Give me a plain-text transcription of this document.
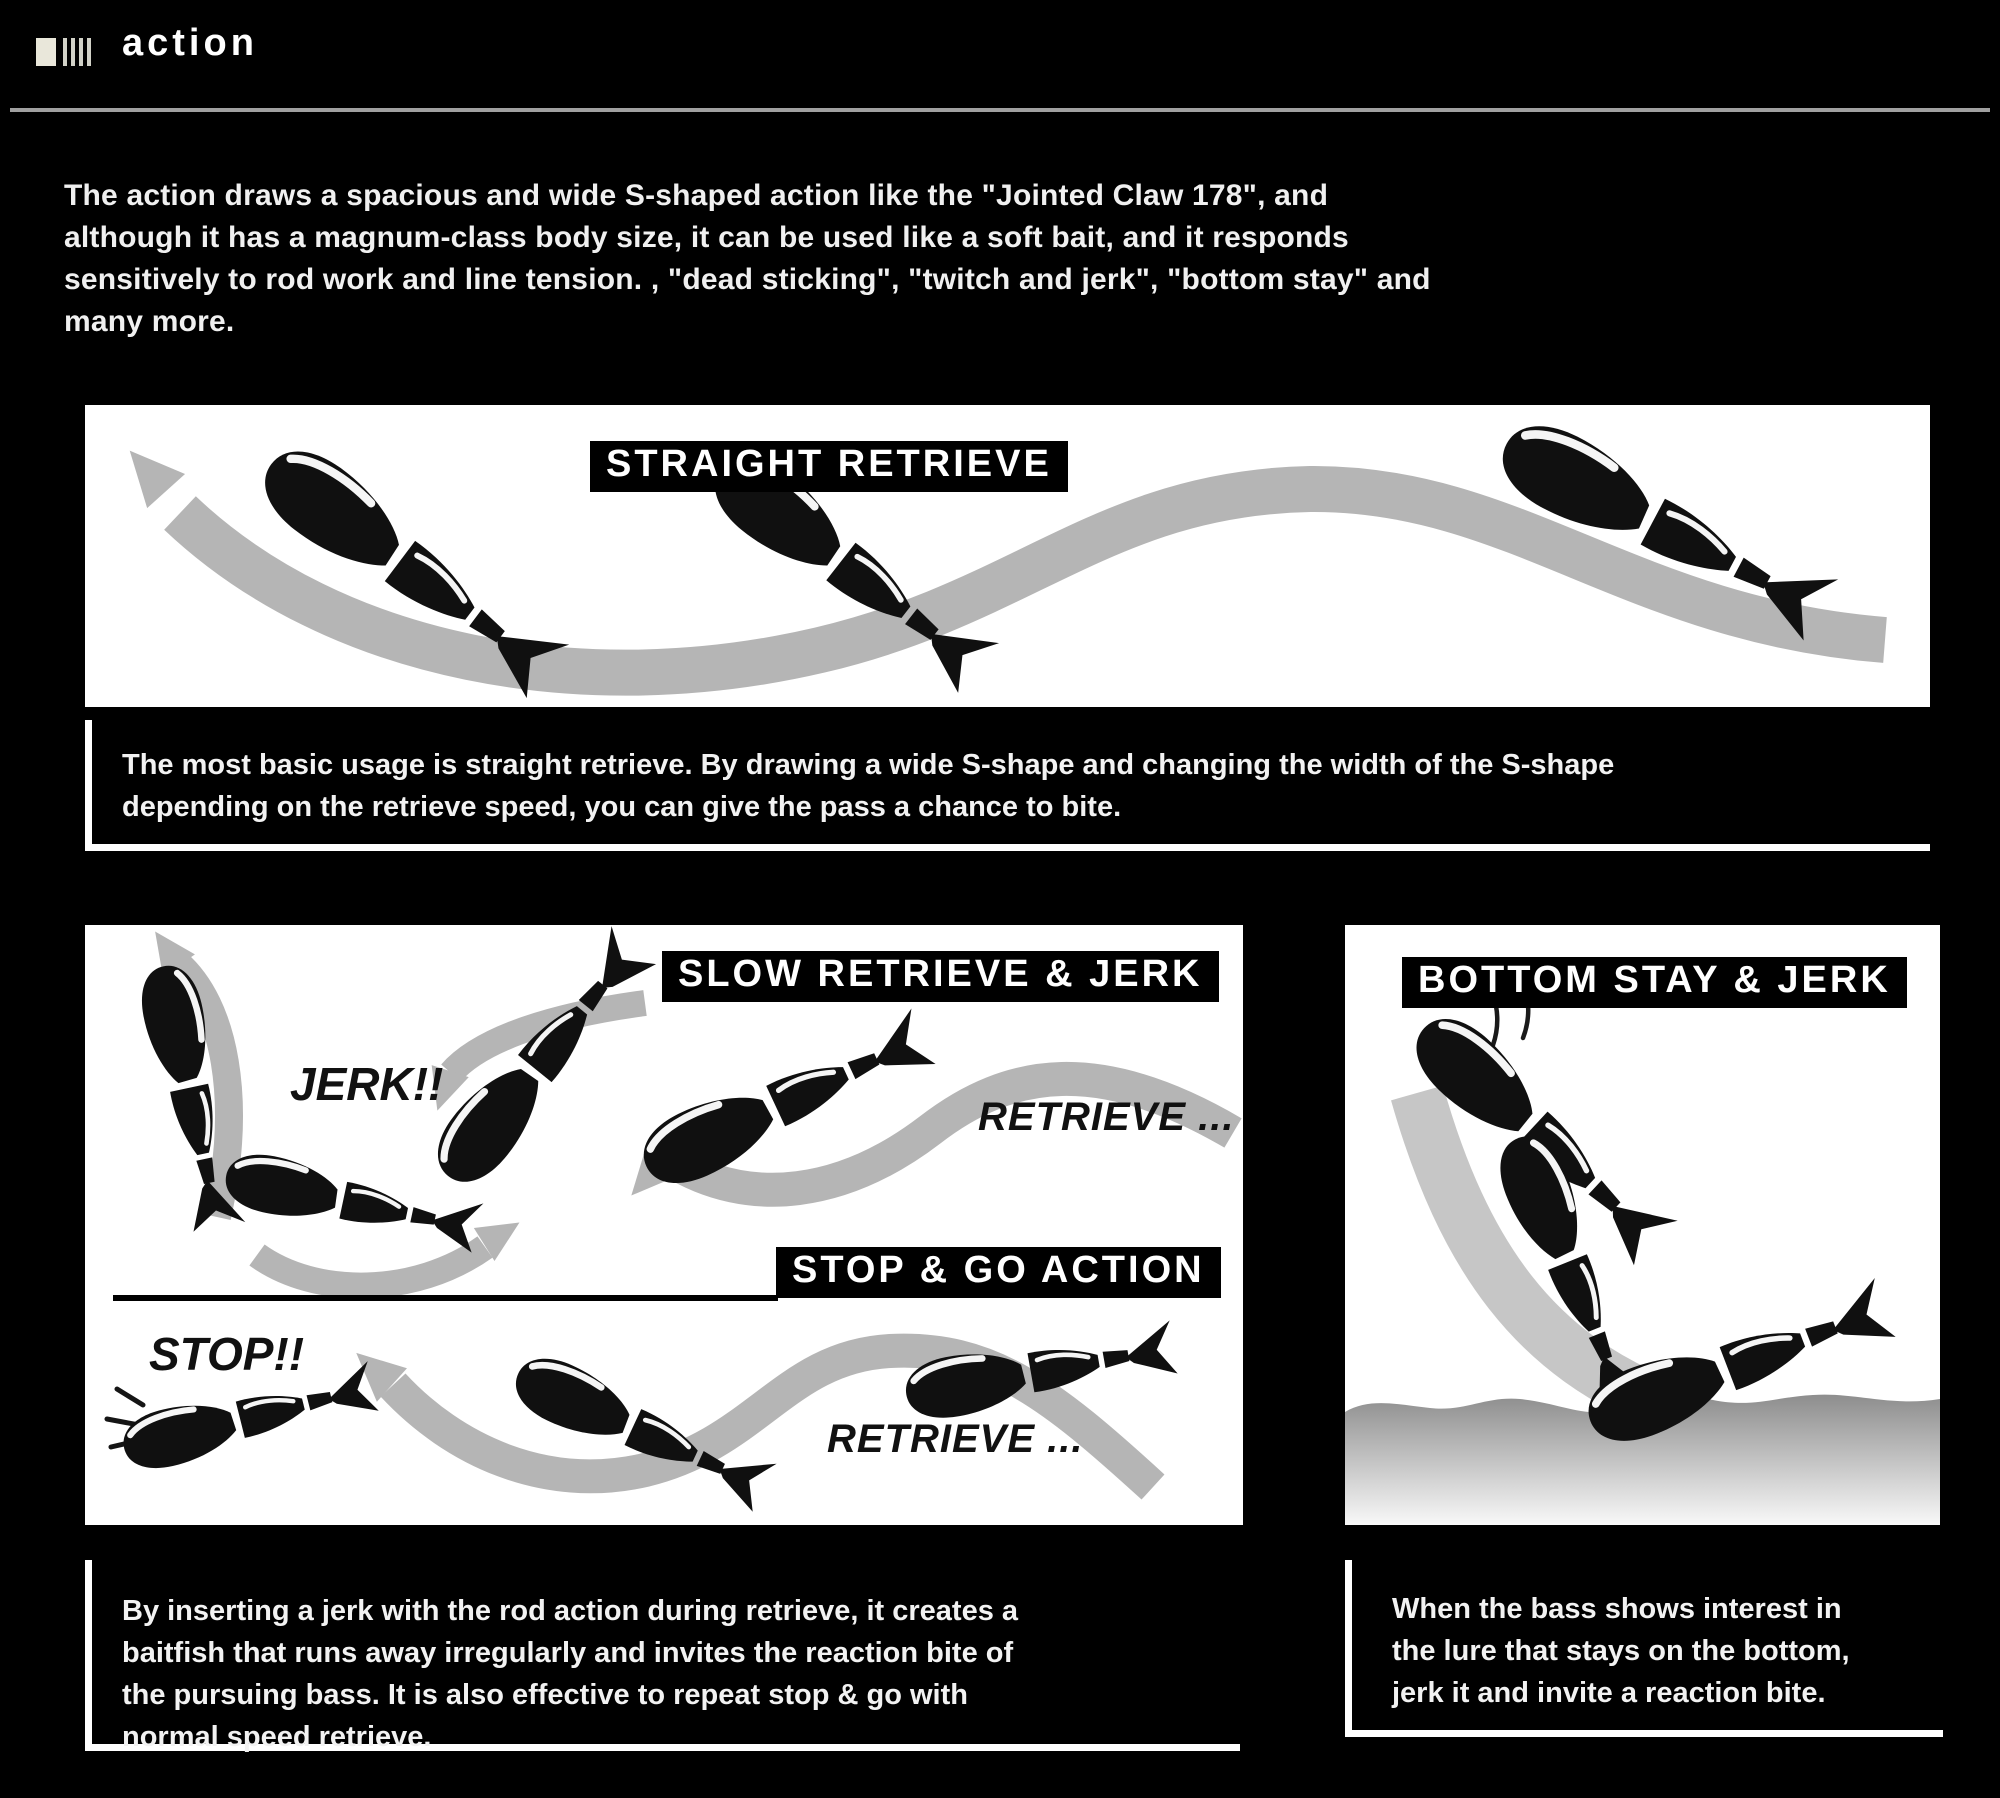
action
The action draws a spacious and wide S-shaped action like the "Jointed Claw 178", and
although it has a magnum-class body size, it can be used like a soft bait, and it responds
sensitively to rod work and line tension. , "dead sticking", "twitch and jerk", "bottom stay" and
many more.
STRAIGHT RETRIEVE
The most basic usage is straight retrieve. By drawing a wide S-shape and changing the width of the S-shape depending on the retrieve speed, you can give the pass a chance to bite.
SLOW RETRIEVE & JERK
STOP & GO ACTION
JERK!!
RETRIEVE ...
STOP!!
RETRIEVE ...
BOTTOM STAY & JERK
By inserting a jerk with the rod action during retrieve, it creates a baitfish that runs away irregularly and invites the reaction bite of the pursuing bass. It is also effective to repeat stop & go with normal speed retrieve.
When the bass shows interest in the lure that stays on the bottom, jerk it and invite a reaction bite.
